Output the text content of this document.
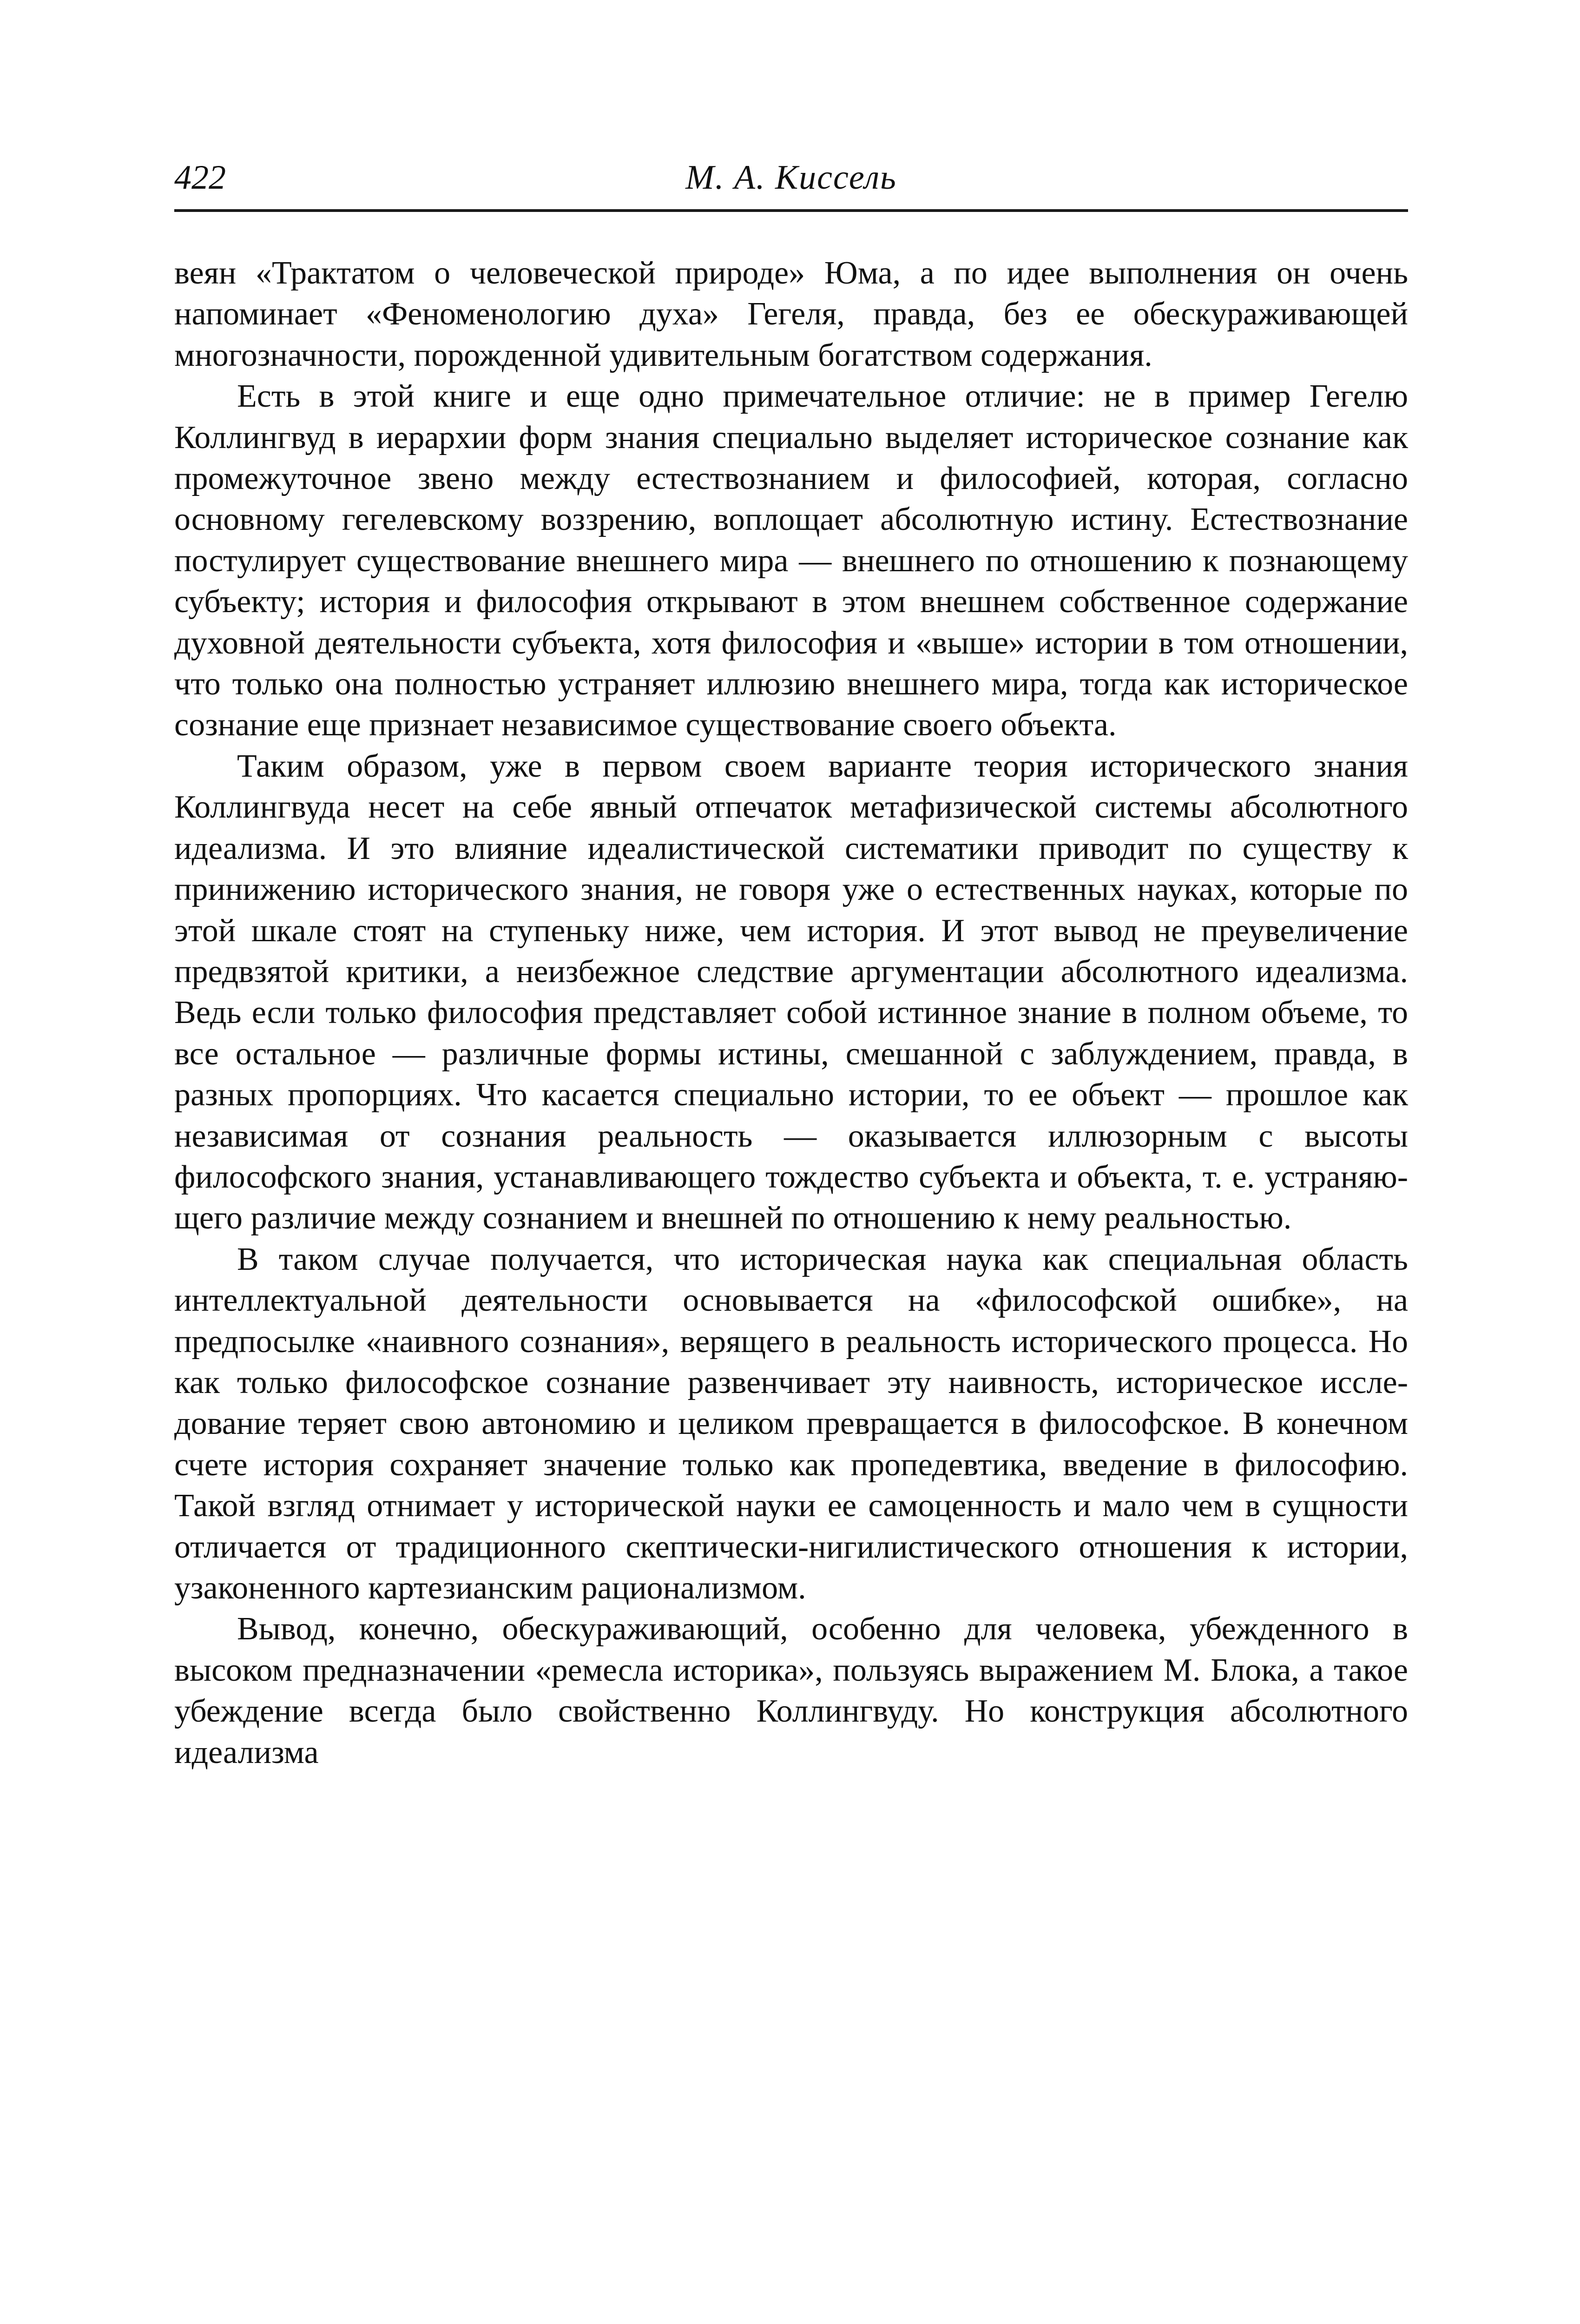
422	М. А. Киссель

веян «Трактатом о человеческой природе» Юма, а по идее выполнения он очень напоминает «Феноменологию духа» Гегеля, правда, без ее обескураживающей многозначности, порожденной удивительным богатством содержания.

Есть в этой книге и еще одно примечательное отличие: не в пример Гегелю Коллингвуд в иерархии форм знания специально выделяет историческое сознание как промежуточное звено между естествознанием и философией, которая, согласно основному гегелевскому воззрению, воплощает абсолютную истину. Естествознание постулирует существование внешнего мира — внешнего по отношению к познающему субъекту; история и философия открывают в этом внешнем собственное содержание духовной деятельности субъекта, хотя философия и «выше» истории в том отношении, что только она полностью устраняет иллюзию внешнего мира, тогда как историческое сознание еще признает независимое существование своего объекта.

Таким образом, уже в первом своем варианте теория исторического знания Коллингвуда несет на себе явный отпечаток метафизической системы абсолютного идеализма. И это влияние идеалистической систематики приводит по существу к принижению исторического знания, не говоря уже о естественных науках, которые по этой шкале стоят на ступеньку ниже, чем история. И этот вывод не преувеличение предвзятой критики, а неизбежное следствие аргументации абсолютного идеализма. Ведь если только философия представляет собой истинное знание в полном объеме, то все остальное — различные формы истины, смешанной с заблуждением, правда, в разных пропорциях. Что касается специально истории, то ее объект — прошлое как независимая от сознания реальность — оказывается иллюзорным с высоты философского знания, устанавливающего тождество субъекта и объекта, т. е. устраняющего различие между сознанием и внешней по отношению к нему реальностью.

В таком случае получается, что историческая наука как специальная область интеллектуальной деятельности основывается на «философской ошибке», на предпосылке «наивного сознания», верящего в реальность исторического процесса. Но как только философское сознание развенчивает эту наивность, историческое исследование теряет свою автономию и целиком превращается в философское. В конечном счете история сохраняет значение только как пропедевтика, введение в философию. Такой взгляд отнимает у исторической науки ее самоценность и мало чем в сущности отличается от традиционного скептически-нигилистического отношения к истории, узаконенного картезианским рационализмом.

Вывод, конечно, обескураживающий, особенно для человека, убежденного в высоком предназначении «ремесла историка», пользуясь выражением М. Блока, а такое убеждение всегда было свойственно Коллингвуду. Но конструкция абсолютного идеализма
